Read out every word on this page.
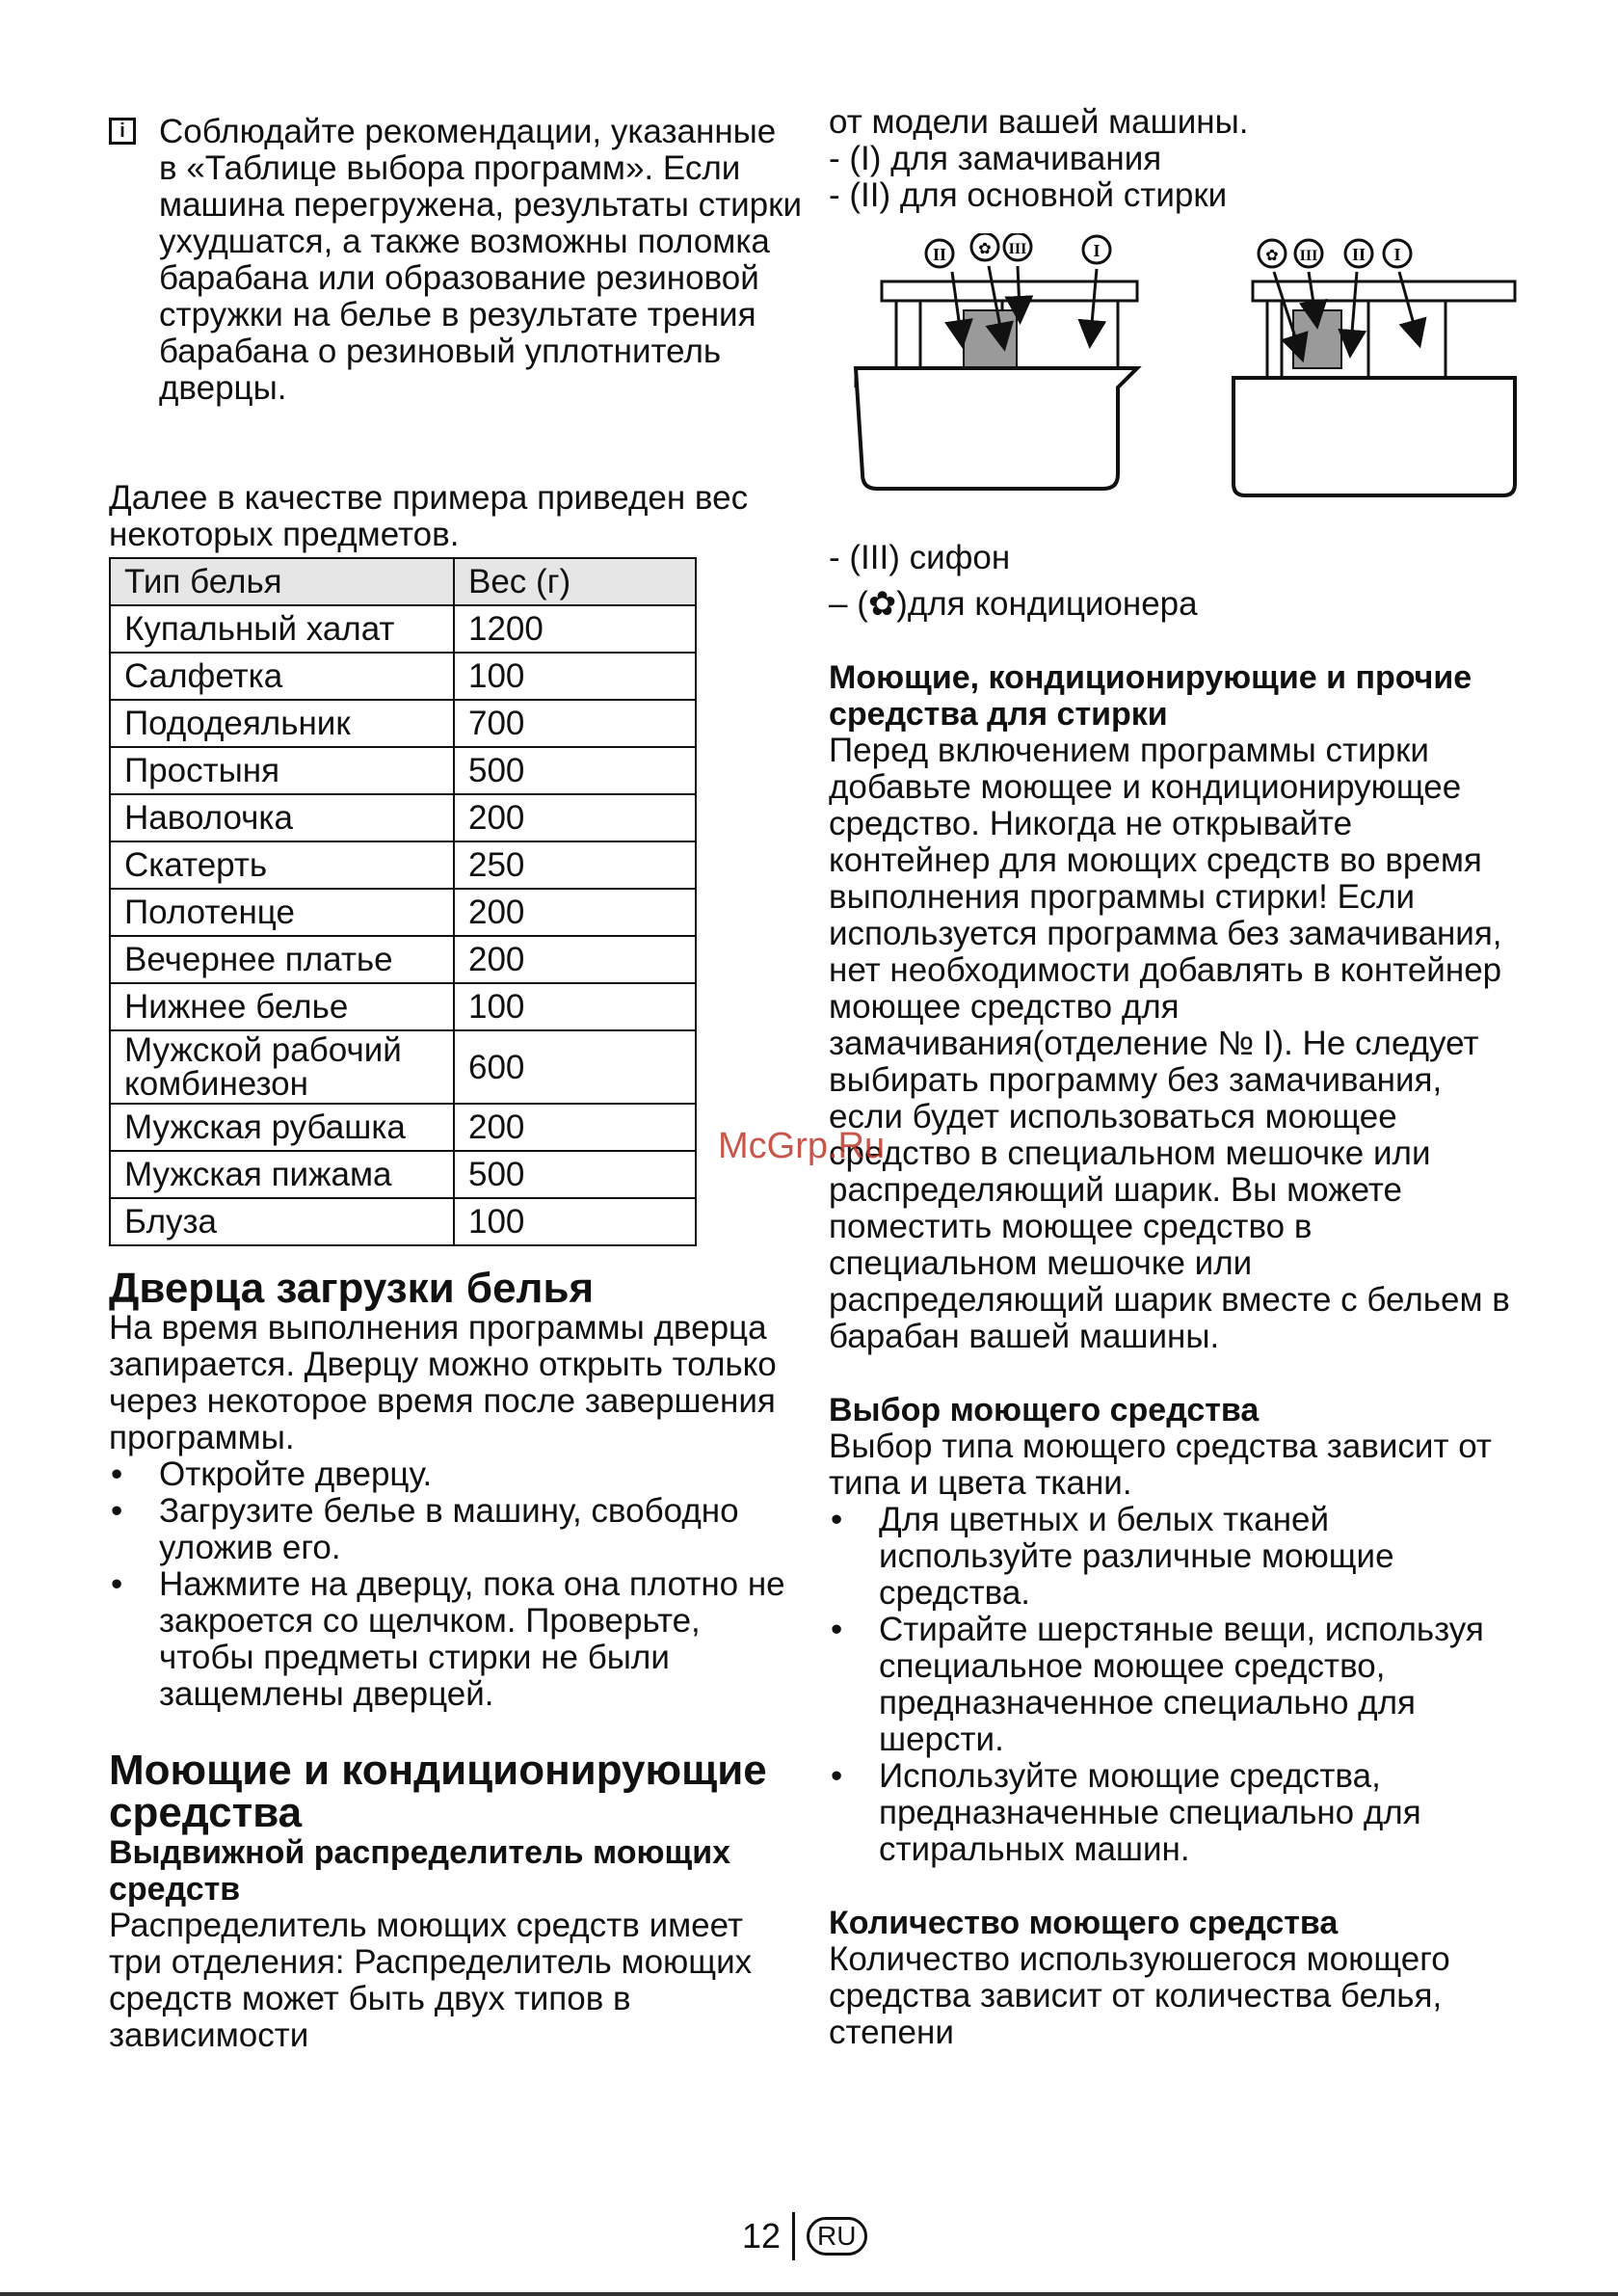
i	Соблюдайте рекомендации, указанные в «Таблице выбора программ». Если машина перегружена, результаты стирки ухудшатся, а также возможны поломка барабана или образование резиновой стружки на белье в результате трения барабана о резиновый уплотнитель дверцы.

Далее в качестве примера приведен вес некоторых предметов.

Тип белья	Вес (г)
Купальный халат	1200
Салфетка	100
Пододеяльник	700
Простыня	500
Наволочка	200
Скатерть	250
Полотенце	200
Вечернее платье	200
Нижнее белье	100
Мужской рабочий комбинезон	600
Мужская рубашка	200
Мужская пижама	500
Блуза	100
Дверца загрузки белья

На время выполнения программы дверца запирается. Дверцу можно открыть только через некоторое время после завершения программы.

• Откройте дверцу.
• Загрузите белье в машину, свободно уложив его.
• Нажмите на дверцу, пока она плотно не закроется со щелчком. Проверьте, чтобы предметы стирки не были защемлены дверцей.
Моющие и кондиционирующие средства
Выдвижной распределитель моющих средств

Распределитель моющих средств имеет три отделения: Распределитель моющих средств может быть двух типов в зависимости

от модели вашей машины.

- (I) для замачивания

- (II) для основной стирки

II ✿ III	I	✿ III II I

- (III) сифон

– (✿)для кондиционера

Моющие, кондиционирующие и прочие средства для стирки

Перед включением программы стирки добавьте моющее и кондиционирующее средство. Никогда не открывайте контейнер для моющих средств во время выполнения программы стирки! Если используется программа без замачивания, нет необходимости добавлять в контейнер моющее средство для замачивания(отделение № I). Не следует выбирать программу без замачивания, если будет использоваться моющее средство в специальном мешочке или распределяющий шарик. Вы можете поместить моющее средство в специальном мешочке или распределяющий шарик вместе с бельем в барабан вашей машины.

Выбор моющего средства

Выбор типа моющего средства зависит от типа и цвета ткани.

• Для цветных и белых тканей используйте различные моющие средства.
• Стирайте шерстяные вещи, используя специальное моющее средство, предназначенное специально для шерсти.
• Используйте моющие средства, предназначенные специально для стиральных машин.
Количество моющего средства

Количество используюшегося моющего средства зависит от количества белья, степени

McGrp.Ru
12	RU
